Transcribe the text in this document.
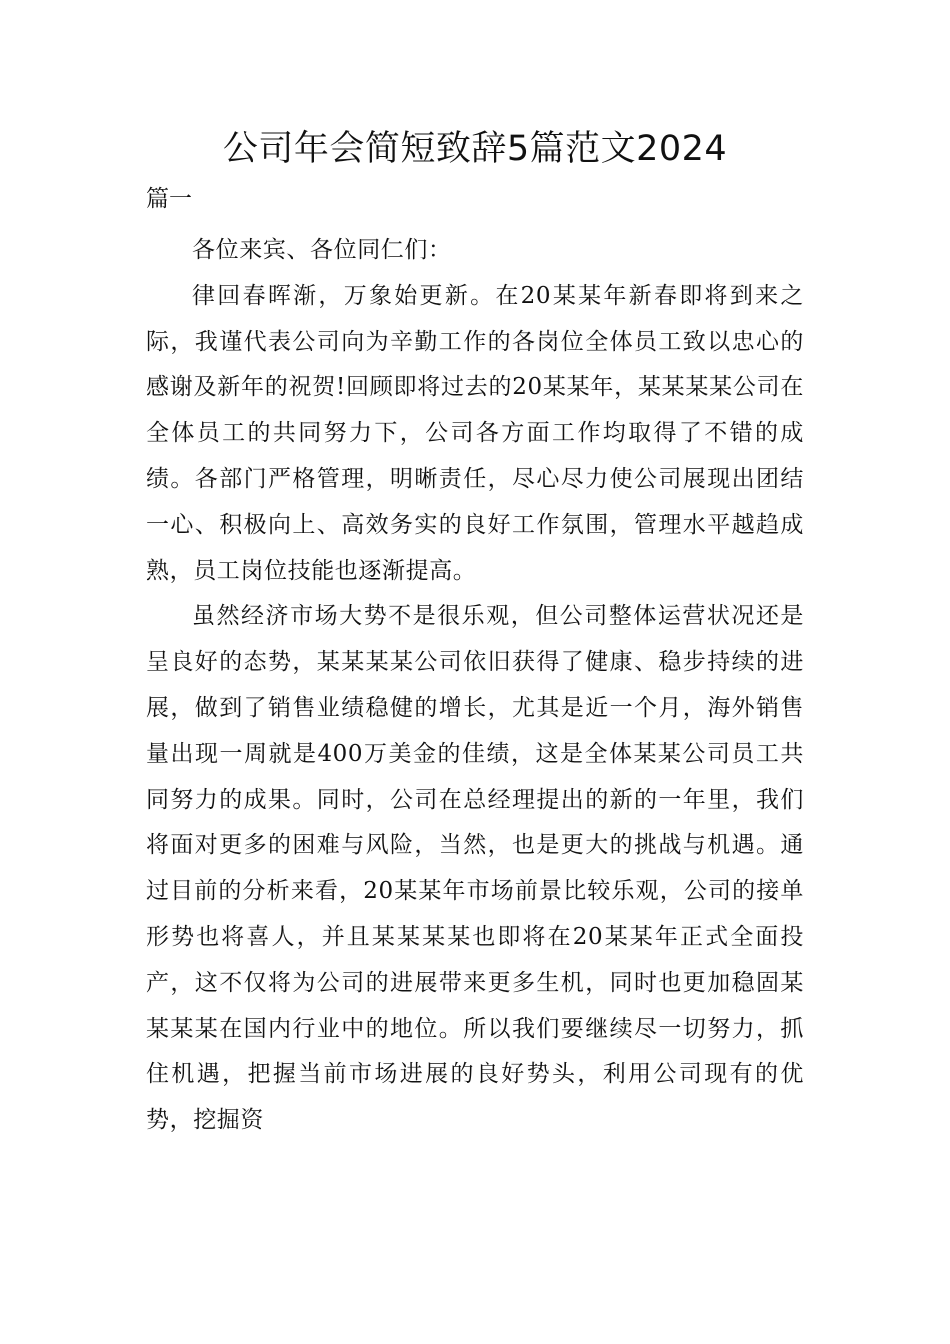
公司年会简短致辞5篇范文2024
篇一

各位来宾、各位同仁们：

律回春晖渐，万象始更新。在20某某年新春即将到来之际，我谨代表公司向为辛勤工作的各岗位全体员工致以忠心的感谢及新年的祝贺!回顾即将过去的20某某年，某某某某公司在全体员工的共同努力下，公司各方面工作均取得了不错的成绩。各部门严格管理，明晰责任，尽心尽力使公司展现出团结一心、积极向上、高效务实的良好工作氛围，管理水平越趋成熟，员工岗位技能也逐渐提高。

虽然经济市场大势不是很乐观，但公司整体运营状况还是呈良好的态势，某某某某公司依旧获得了健康、稳步持续的进展，做到了销售业绩稳健的增长，尤其是近一个月，海外销售量出现一周就是400万美金的佳绩，这是全体某某公司员工共同努力的成果。同时，公司在总经理提出的新的一年里，我们将面对更多的困难与风险，当然，也是更大的挑战与机遇。通过目前的分析来看，20某某年市场前景比较乐观，公司的接单形势也将喜人，并且某某某某也即将在20某某年正式全面投产，这不仅将为公司的进展带来更多生机，同时也更加稳固某某某某在国内行业中的地位。所以我们要继续尽一切努力，抓住机遇，把握当前市场进展的良好势头，利用公司现有的优势，挖掘资
